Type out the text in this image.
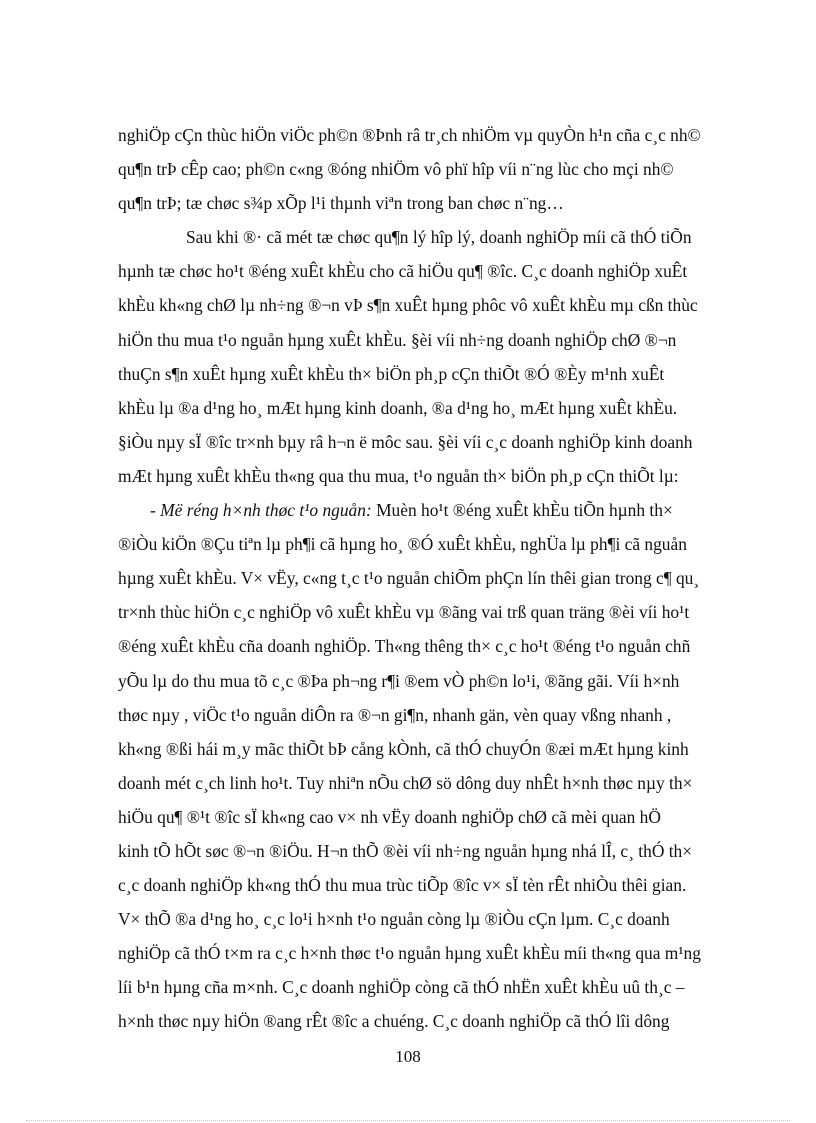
nghiÖp cÇn thùc hiÖn viÖc ph©n ®Þnh râ tr¸ch nhiÖm vµ quyÒn h¹n cña c¸c nh©
qu¶n trÞ cÊp cao; ph©n c«ng ®óng nhiÖm vô phï hîp víi n¨ng lùc cho mçi nh©
qu¶n trÞ; tæ chøc s¾p xÕp l¹i thµnh viªn trong ban chøc n¨ng…
Sau khi ®· cã mét tæ chøc qu¶n lý hîp lý, doanh nghiÖp míi cã thÓ tiÕn
hµnh tæ chøc ho¹t ®éng xuÊt khÈu cho cã hiÖu qu¶ ®îc. C¸c doanh nghiÖp xuÊt
khÈu kh«ng chØ lµ nh÷ng ®¬n vÞ s¶n xuÊt hµng phôc vô xuÊt khÈu mµ cßn thùc
hiÖn thu mua t¹o nguån hµng xuÊt khÈu. §èi víi nh÷ng doanh nghiÖp chØ ®¬n
thuÇn s¶n xuÊt hµng xuÊt khÈu th× biÖn ph¸p cÇn thiÕt ®Ó ®Èy m¹nh xuÊt
khÈu lµ ®a d¹ng ho¸ mÆt hµng kinh doanh, ®a d¹ng ho¸ mÆt hµng xuÊt khÈu.
§iÒu nµy sÏ ®îc tr×nh bµy râ h¬n ë môc sau. §èi víi c¸c doanh nghiÖp kinh doanh
mÆt hµng xuÊt khÈu th«ng qua thu mua, t¹o nguån th× biÖn ph¸p cÇn thiÕt lµ:
- Më réng h×nh thøc t¹o nguån: Muèn ho¹t ®éng xuÊt khÈu tiÕn hµnh th×
®iÒu kiÖn ®Çu tiªn lµ ph¶i cã hµng ho¸ ®Ó xuÊt khÈu, nghÜa lµ ph¶i cã nguån
hµng xuÊt khÈu. V× vËy, c«ng t¸c t¹o nguån chiÕm phÇn lín thêi gian trong c¶ qu¸
tr×nh thùc hiÖn c¸c nghiÖp vô xuÊt khÈu vµ ®ãng vai trß quan träng ®èi víi ho¹t
®éng xuÊt khÈu cña doanh nghiÖp. Th«ng thêng th× c¸c ho¹t ®éng t¹o nguån chñ
yÕu lµ do thu mua tõ c¸c ®Þa ph¬ng r¶i ®em vÒ ph©n lo¹i, ®ãng gãi. Víi h×nh
thøc nµy , viÖc t¹o nguån diÔn ra ®¬n gi¶n, nhanh gän, vèn quay vßng nhanh ,
kh«ng ®ßi hái m¸y mãc thiÕt bÞ cång kÒnh, cã thÓ chuyÓn ®æi mÆt hµng kinh
doanh mét c¸ch linh ho¹t. Tuy nhiªn nÕu chØ sö dông duy nhÊt h×nh thøc nµy th×
hiÖu qu¶ ®¹t ®îc sÏ kh«ng cao v× nh vËy doanh nghiÖp chØ cã mèi quan hÖ
kinh tÕ hÕt søc ®¬n ®iÖu. H¬n thÕ ®èi víi nh÷ng nguån hµng nhá lÎ, c¸ thÓ th×
c¸c doanh nghiÖp kh«ng thÓ thu mua trùc tiÕp ®îc v× sÏ tèn rÊt nhiÒu thêi gian.
V× thÕ ®a d¹ng ho¸ c¸c lo¹i h×nh t¹o nguån còng lµ ®iÒu cÇn lµm. C¸c doanh
nghiÖp cã thÓ t×m ra c¸c h×nh thøc t¹o nguån hµng xuÊt khÈu míi th«ng qua m¹ng
líi b¹n hµng cña m×nh. C¸c doanh nghiÖp còng cã thÓ nhËn xuÊt khÈu uû th¸c –
h×nh thøc nµy hiÖn ®ang rÊt ®îc a chuéng. C¸c doanh nghiÖp cã thÓ lîi dông
108
